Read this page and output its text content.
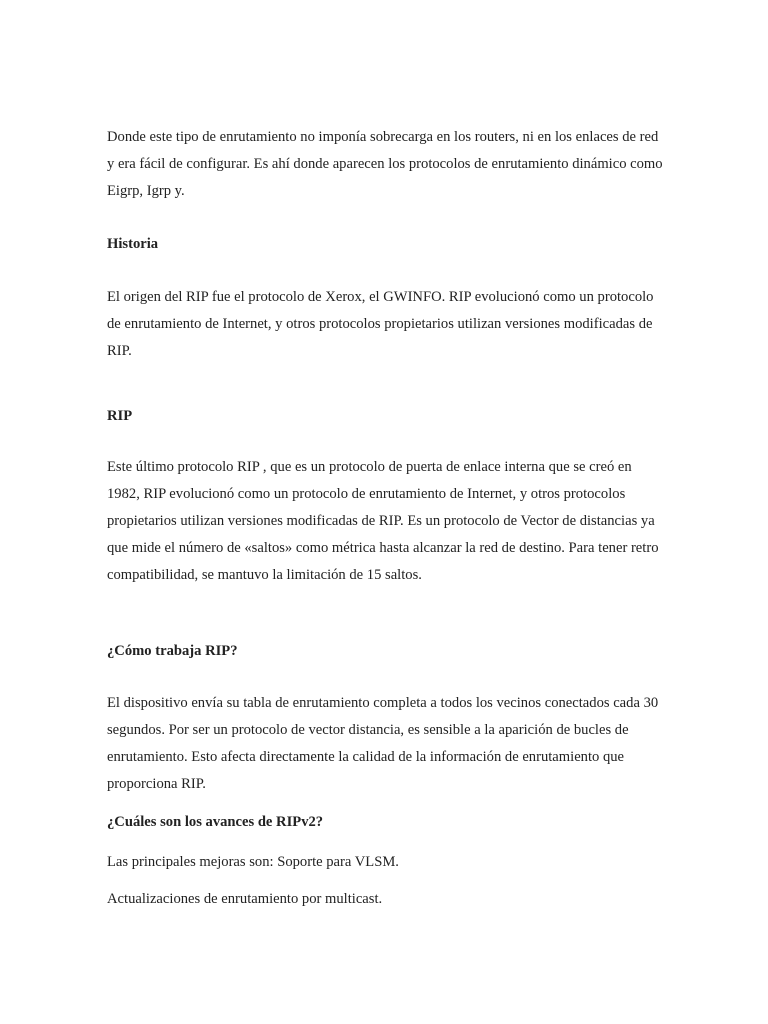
Donde este tipo de enrutamiento no imponía sobrecarga en los routers, ni en los enlaces de red y era fácil de configurar. Es ahí donde aparecen los protocolos de enrutamiento dinámico como Eigrp, Igrp y.

Historia

El origen del RIP fue el protocolo de Xerox, el GWINFO. RIP evolucionó como un protocolo de enrutamiento de Internet, y otros protocolos propietarios utilizan versiones modificadas de RIP.

RIP

Este último protocolo RIP , que es un protocolo de puerta de enlace interna que se creó en 1982, RIP evolucionó como un protocolo de enrutamiento de Internet, y otros protocolos propietarios utilizan versiones modificadas de RIP. Es un protocolo de Vector de distancias ya que mide el número de «saltos» como métrica hasta alcanzar la red de destino. Para tener retro compatibilidad, se mantuvo la limitación de 15 saltos.

¿Cómo trabaja RIP?

El dispositivo envía su tabla de enrutamiento completa a todos los vecinos conectados cada 30 segundos. Por ser un protocolo de vector distancia, es sensible a la aparición de bucles de enrutamiento. Esto afecta directamente la calidad de la información de enrutamiento que proporciona RIP.

¿Cuáles son los avances de RIPv2?

Las principales mejoras son: Soporte para VLSM.

Actualizaciones de enrutamiento por multicast.
